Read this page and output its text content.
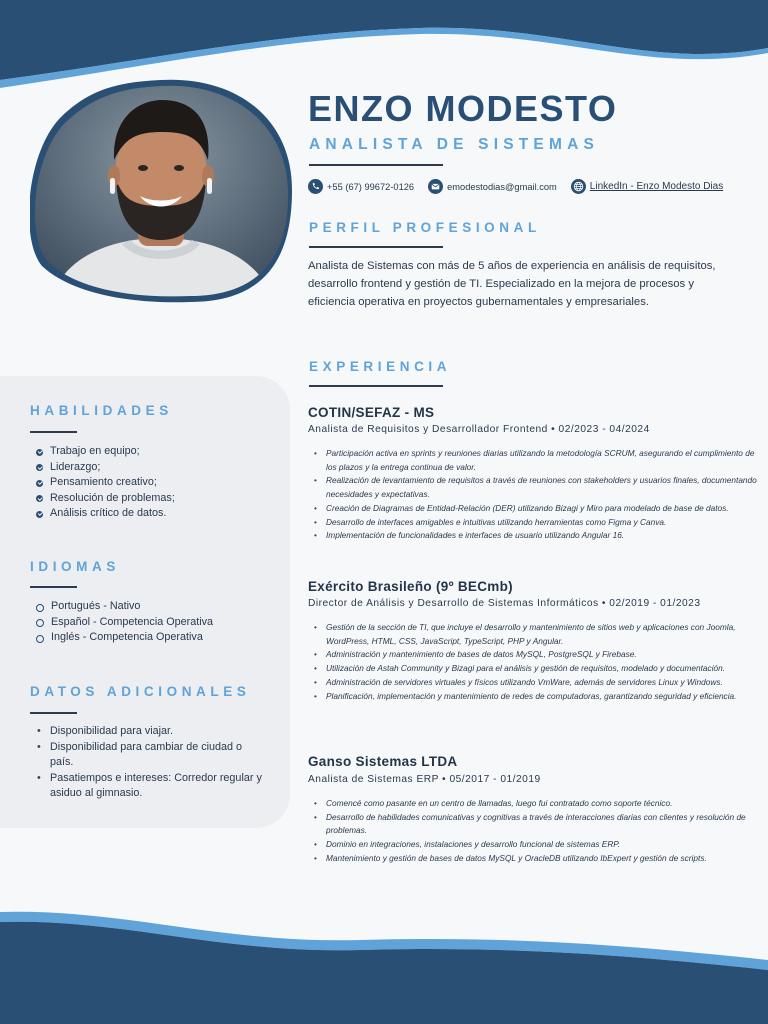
ENZO MODESTO
ANALISTA DE SISTEMAS
+55 (67) 99672-0126	emodestodias@gmail.com	LinkedIn - Enzo Modesto Dias
PERFIL PROFESIONAL
Analista de Sistemas con más de 5 años de experiencia en análisis de requisitos, desarrollo frontend y gestión de TI. Especializado en la mejora de procesos y eficiencia operativa en proyectos gubernamentales y empresariales.
EXPERIENCIA
COTIN/SEFAZ - MS
Analista de Requisitos y Desarrollador Frontend • 02/2023 - 04/2024
• Participación activa en sprints y reuniones diarias utilizando la metodología SCRUM, asegurando el cumplimiento de los plazos y la entrega continua de valor.
• Realización de levantamiento de requisitos a través de reuniones con stakeholders y usuarios finales, documentando necesidades y expectativas.
• Creación de Diagramas de Entidad-Relación (DER) utilizando Bizagi y Miro para modelado de base de datos.
• Desarrollo de interfaces amigables e intuitivas utilizando herramientas como Figma y Canva.
• Implementación de funcionalidades e interfaces de usuario utilizando Angular 16.
Exército Brasileño (9º BECmb)
Director de Análisis y Desarrollo de Sistemas Informáticos • 02/2019 - 01/2023
• Gestión de la sección de TI, que incluye el desarrollo y mantenimiento de sitios web y aplicaciones con Joomla, WordPress, HTML, CSS, JavaScript, TypeScript, PHP y Angular.
• Administración y mantenimiento de bases de datos MySQL, PostgreSQL y Firebase.
• Utilización de Astah Community y Bizagi para el análisis y gestión de requisitos, modelado y documentación.
• Administración de servidores virtuales y físicos utilizando VmWare, además de servidores Linux y Windows.
• Planificación, implementación y mantenimiento de redes de computadoras, garantizando seguridad y eficiencia.
Ganso Sistemas LTDA
Analista de Sistemas ERP • 05/2017 - 01/2019
• Comencé como pasante en un centro de llamadas, luego fui contratado como soporte técnico.
• Desarrollo de habilidades comunicativas y cognitivas a través de interacciones diarias con clientes y resolución de problemas.
• Dominio en integraciones, instalaciones y desarrollo funcional de sistemas ERP.
• Mantenimiento y gestión de bases de datos MySQL y OracleDB utilizando IbExpert y gestión de scripts.
HABILIDADES
Trabajo en equipo;
Liderazgo;
Pensamiento creativo;
Resolución de problemas;
Análisis crítico de datos.
IDIOMAS
Portugués - Nativo
Español - Competencia Operativa
Inglés - Competencia Operativa
DATOS ADICIONALES
• Disponibilidad para viajar.
• Disponibilidad para cambiar de ciudad o país.
• Pasatiempos e intereses: Corredor regular y asiduo al gimnasio.
